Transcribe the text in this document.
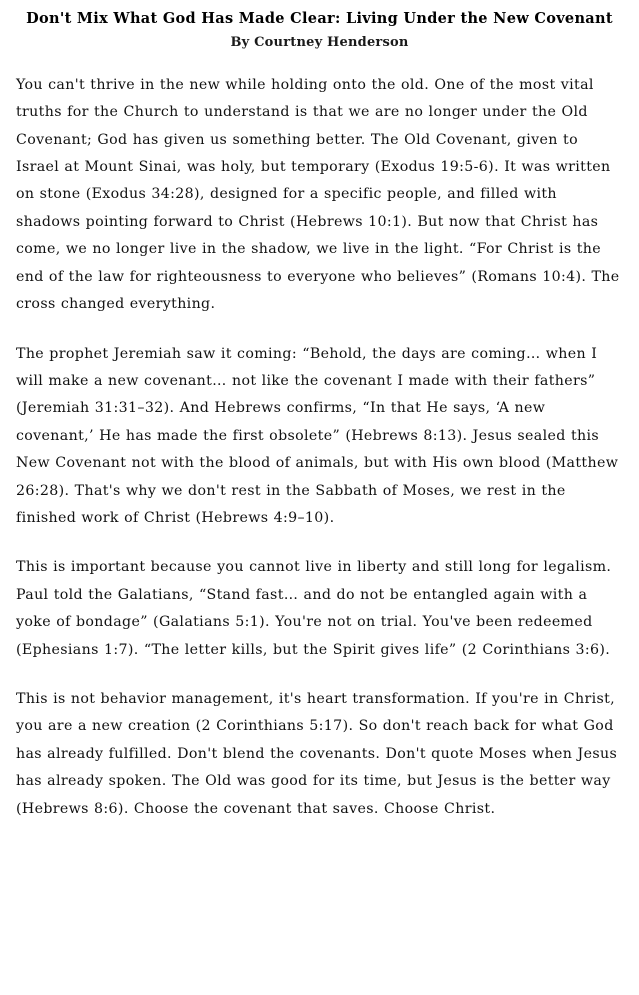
Don't Mix What God Has Made Clear: Living Under the New Covenant
By Courtney Henderson

You can't thrive in the new while holding onto the old. One of the most vital truths for the Church to understand is that we are no longer under the Old Covenant; God has given us something better. The Old Covenant, given to Israel at Mount Sinai, was holy, but temporary (Exodus 19:5-6). It was written on stone (Exodus 34:28), designed for a specific people, and filled with shadows pointing forward to Christ (Hebrews 10:1). But now that Christ has come, we no longer live in the shadow, we live in the light. “For Christ is the end of the law for righteousness to everyone who believes” (Romans 10:4). The cross changed everything.

The prophet Jeremiah saw it coming: “Behold, the days are coming… when I will make a new covenant… not like the covenant I made with their fathers” (Jeremiah 31:31–32). And Hebrews confirms, “In that He says, ‘A new covenant,’ He has made the first obsolete” (Hebrews 8:13). Jesus sealed this New Covenant not with the blood of animals, but with His own blood (Matthew 26:28). That's why we don't rest in the Sabbath of Moses, we rest in the finished work of Christ (Hebrews 4:9–10).

This is important because you cannot live in liberty and still long for legalism. Paul told the Galatians, “Stand fast… and do not be entangled again with a yoke of bondage” (Galatians 5:1). You're not on trial. You've been redeemed (Ephesians 1:7). “The letter kills, but the Spirit gives life” (2 Corinthians 3:6).

This is not behavior management, it's heart transformation. If you're in Christ, you are a new creation (2 Corinthians 5:17). So don't reach back for what God has already fulfilled. Don't blend the covenants. Don't quote Moses when Jesus has already spoken. The Old was good for its time, but Jesus is the better way (Hebrews 8:6). Choose the covenant that saves. Choose Christ.
